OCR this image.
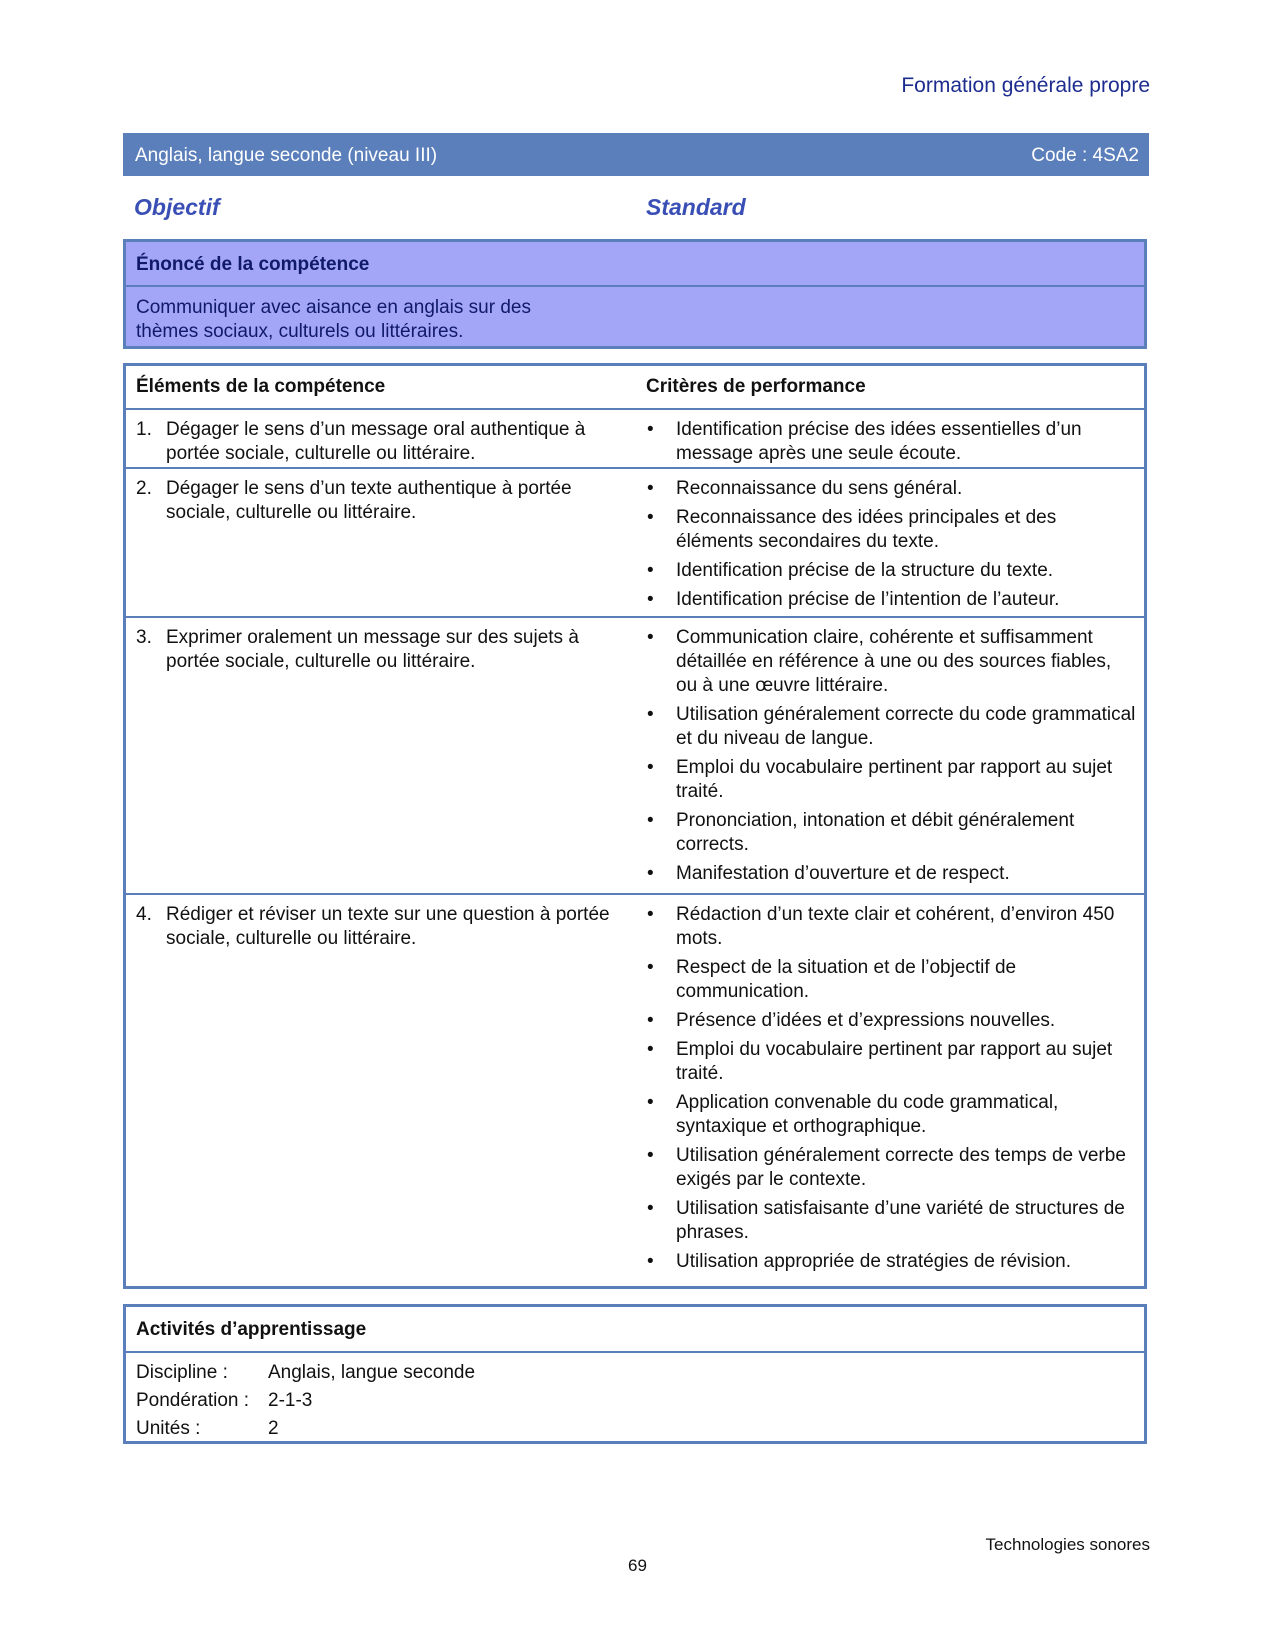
Formation générale propre
Anglais, langue seconde (niveau III)	Code : 4SA2
Objectif	Standard
Énoncé de la compétence
Communiquer avec aisance en anglais sur des thèmes sociaux, culturels ou littéraires.
Éléments de la compétence	Critères de performance
1. Dégager le sens d’un message oral authentique à portée sociale, culturelle ou littéraire.
• Identification précise des idées essentielles d’un message après une seule écoute.
2. Dégager le sens d’un texte authentique à portée sociale, culturelle ou littéraire.
• Reconnaissance du sens général.
• Reconnaissance des idées principales et des éléments secondaires du texte.
• Identification précise de la structure du texte.
• Identification précise de l’intention de l’auteur.
3. Exprimer oralement un message sur des sujets à portée sociale, culturelle ou littéraire.
• Communication claire, cohérente et suffisamment détaillée en référence à une ou des sources fiables, ou à une œuvre littéraire.
• Utilisation généralement correcte du code grammatical et du niveau de langue.
• Emploi du vocabulaire pertinent par rapport au sujet traité.
• Prononciation, intonation et débit généralement corrects.
• Manifestation d’ouverture et de respect.
4. Rédiger et réviser un texte sur une question à portée sociale, culturelle ou littéraire.
• Rédaction d’un texte clair et cohérent, d’environ 450 mots.
• Respect de la situation et de l’objectif de communication.
• Présence d’idées et d’expressions nouvelles.
• Emploi du vocabulaire pertinent par rapport au sujet traité.
• Application convenable du code grammatical, syntaxique et orthographique.
• Utilisation généralement correcte des temps de verbe exigés par le contexte.
• Utilisation satisfaisante d’une variété de structures de phrases.
• Utilisation appropriée de stratégies de révision.
Activités d’apprentissage
Discipline : Anglais, langue seconde
Pondération : 2-1-3
Unités :	2
Technologies sonores
69
